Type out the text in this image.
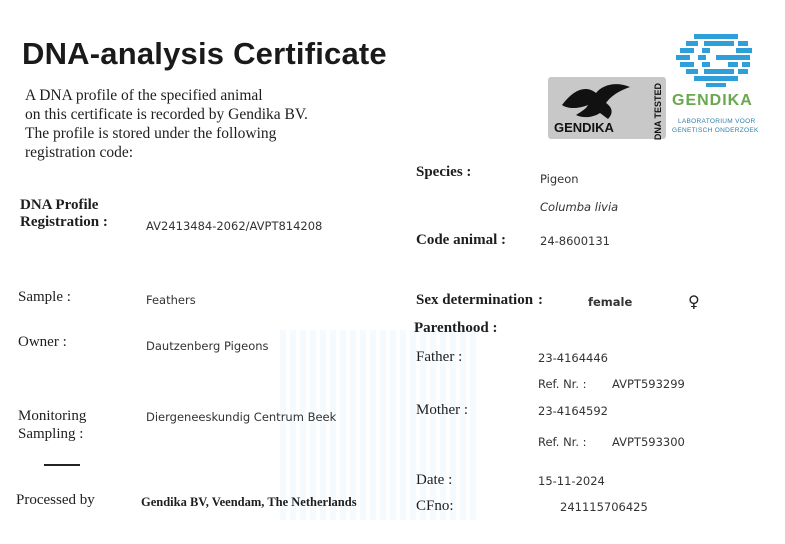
DNA-analysis Certificate
A DNA profile of the specified animal
on this certificate is recorded by Gendika BV.
The profile is stored under the following
registration code:
GENDIKA	DNA TESTED GENDIKA
LABORATORIUM VOOR
GENETISCH ONDERZOEK
DNA Profile
Registration :	AV2413484-2062/AVPT814208
Sample :	Feathers
Owner :	Dautzenberg Pigeons
Monitoring
Sampling :
Diergeneeskundig Centrum Beek
Processed by	Gendika BV, Veendam, The Netherlands
Species :	Pigeon
Columba livia
Code animal :	24-8600131
Sex determination :	female	♀
Parenthood :
Father :	23-4164446
Ref. Nr. : AVPT593299
Mother :	23-4164592
Ref. Nr. : AVPT593300
Date :	15-11-2024
CFno:	241115706425
